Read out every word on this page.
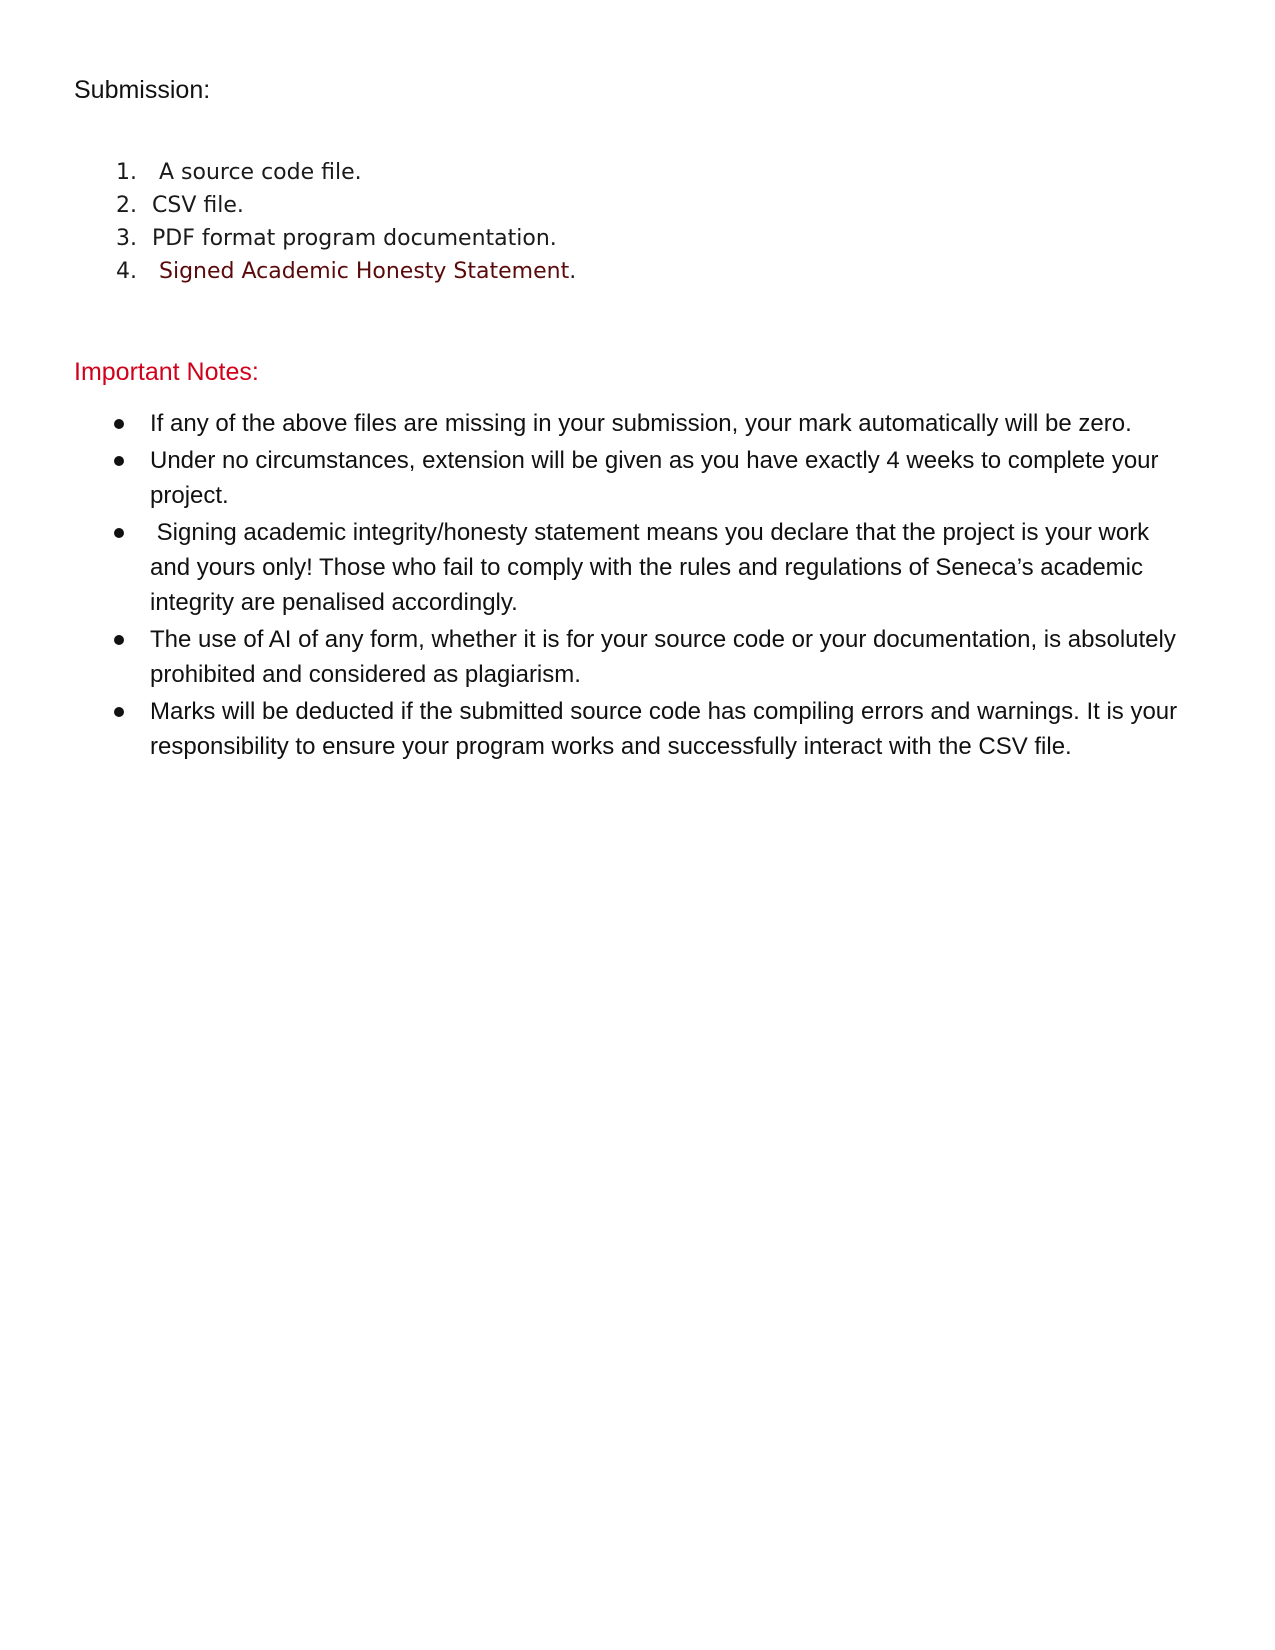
Submission:
1. A source code file.
2. CSV file.
3. PDF format program documentation.
4. Signed Academic Honesty Statement .
Important Notes:
If any of the above files are missing in your submission, your mark automatically will be zero.
Under no circumstances, extension will be given as you have exactly 4 weeks to complete your project.
Signing academic integrity/honesty statement means you declare that the project is your work and yours only! Those who fail to comply with the rules and regulations of Seneca’s academic integrity are penalised accordingly.
The use of AI of any form, whether it is for your source code or your documentation, is absolutely prohibited and considered as plagiarism.
Marks will be deducted if the submitted source code has compiling errors and warnings. It is your responsibility to ensure your program works and successfully interact with the CSV file.
